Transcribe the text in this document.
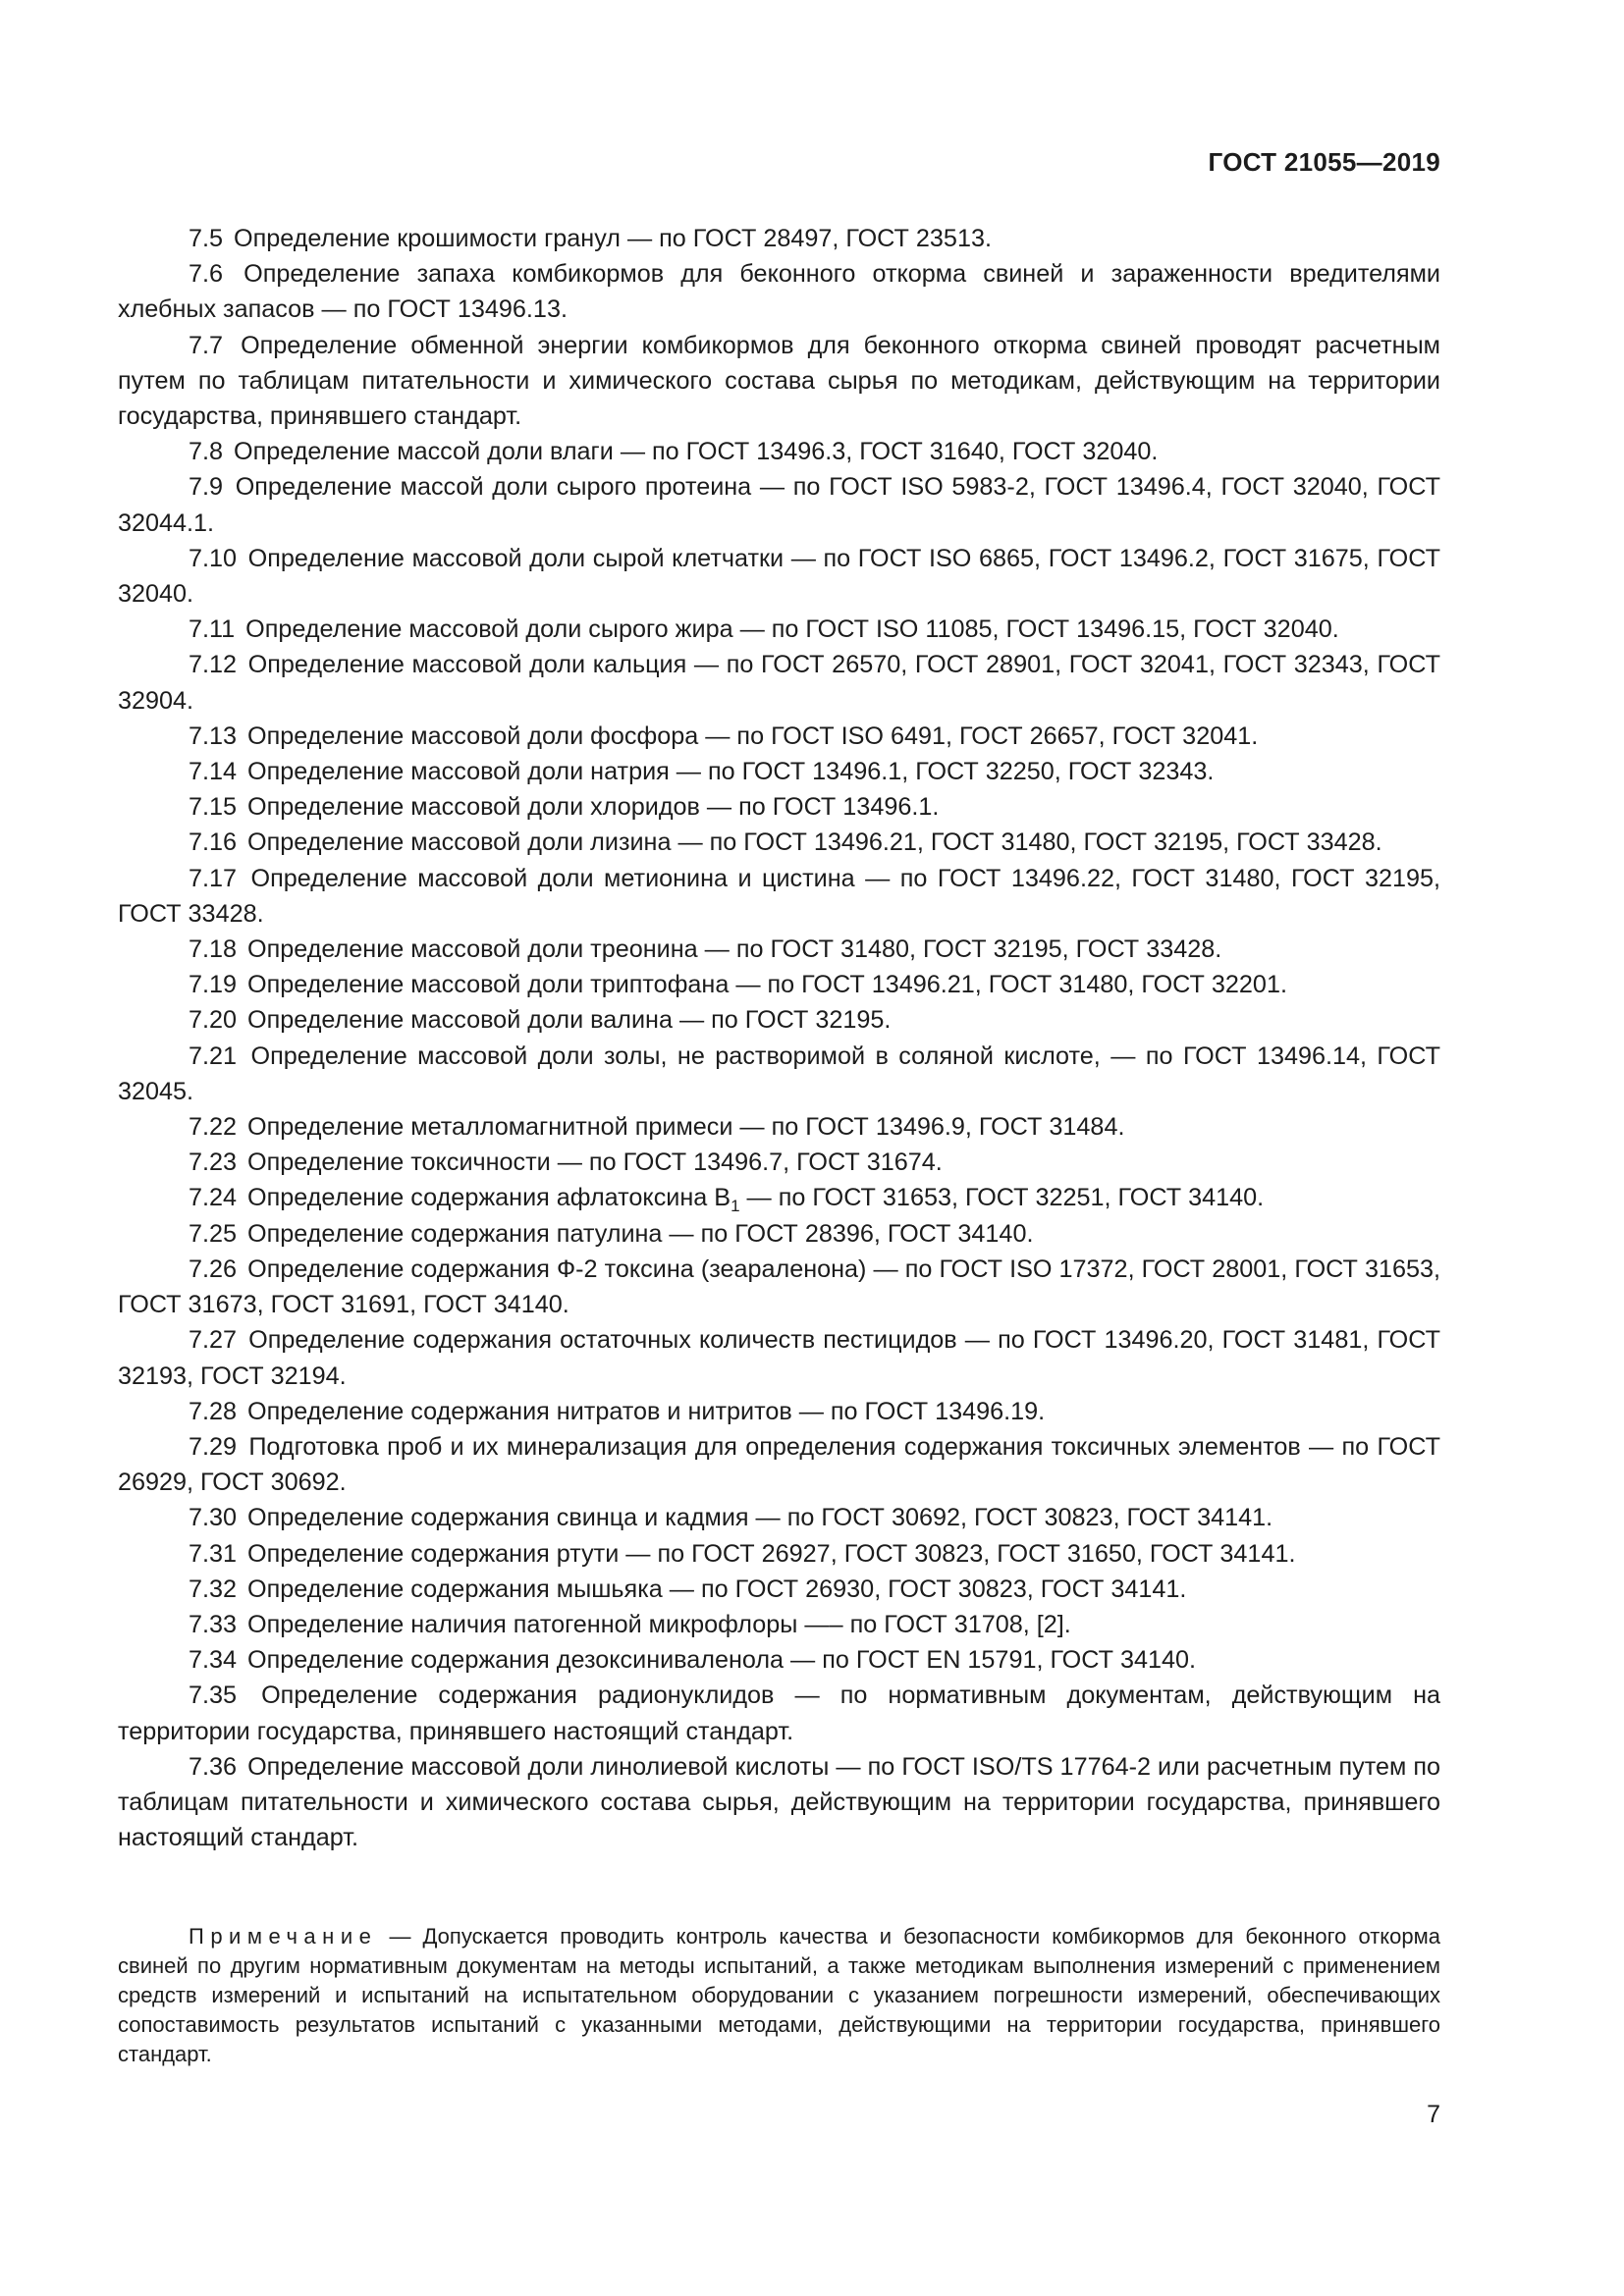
ГОСТ 21055—2019

7.5 Определение крошимости гранул — по ГОСТ 28497, ГОСТ 23513.

7.6 Определение запаха комбикормов для беконного откорма свиней и зараженности вредителями хлебных запасов — по ГОСТ 13496.13.

7.7 Определение обменной энергии комбикормов для беконного откорма свиней проводят расчетным путем по таблицам питательности и химического состава сырья по методикам, действующим на территории государства, принявшего стандарт.

7.8 Определение массой доли влаги — по ГОСТ 13496.3, ГОСТ 31640, ГОСТ 32040.

7.9 Определение массой доли сырого протеина — по ГОСТ ISO 5983-2, ГОСТ 13496.4, ГОСТ 32040, ГОСТ 32044.1.

7.10 Определение массовой доли сырой клетчатки — по ГОСТ ISO 6865, ГОСТ 13496.2, ГОСТ 31675, ГОСТ 32040.

7.11 Определение массовой доли сырого жира — по ГОСТ ISO 11085, ГОСТ 13496.15, ГОСТ 32040.

7.12 Определение массовой доли кальция — по ГОСТ 26570, ГОСТ 28901, ГОСТ 32041, ГОСТ 32343, ГОСТ 32904.

7.13 Определение массовой доли фосфора — по ГОСТ ISO 6491, ГОСТ 26657, ГОСТ 32041.

7.14 Определение массовой доли натрия — по ГОСТ 13496.1, ГОСТ 32250, ГОСТ 32343.

7.15 Определение массовой доли хлоридов — по ГОСТ 13496.1.

7.16 Определение массовой доли лизина — по ГОСТ 13496.21, ГОСТ 31480, ГОСТ 32195, ГОСТ 33428.

7.17 Определение массовой доли метионина и цистина — по ГОСТ 13496.22, ГОСТ 31480, ГОСТ 32195, ГОСТ 33428.

7.18 Определение массовой доли треонина — по ГОСТ 31480, ГОСТ 32195, ГОСТ 33428.

7.19 Определение массовой доли триптофана — по ГОСТ 13496.21, ГОСТ 31480, ГОСТ 32201.

7.20 Определение массовой доли валина — по ГОСТ 32195.

7.21 Определение массовой доли золы, не растворимой в соляной кислоте, — по ГОСТ 13496.14, ГОСТ 32045.

7.22 Определение металломагнитной примеси — по ГОСТ 13496.9, ГОСТ 31484.

7.23 Определение токсичности — по ГОСТ 13496.7, ГОСТ 31674.

7.24 Определение содержания афлатоксина $B_1$ — по ГОСТ 31653, ГОСТ 32251, ГОСТ 34140.

7.25 Определение содержания патулина — по ГОСТ 28396, ГОСТ 34140.

7.26 Определение содержания Ф-2 токсина (зеараленона) — по ГОСТ ISO 17372, ГОСТ 28001, ГОСТ 31653, ГОСТ 31673, ГОСТ 31691, ГОСТ 34140.

7.27 Определение содержания остаточных количеств пестицидов — по ГОСТ 13496.20, ГОСТ 31481, ГОСТ 32193, ГОСТ 32194.

7.28 Определение содержания нитратов и нитритов — по ГОСТ 13496.19.

7.29 Подготовка проб и их минерализация для определения содержания токсичных элементов — по ГОСТ 26929, ГОСТ 30692.

7.30 Определение содержания свинца и кадмия — по ГОСТ 30692, ГОСТ 30823, ГОСТ 34141.

7.31 Определение содержания ртути — по ГОСТ 26927, ГОСТ 30823, ГОСТ 31650, ГОСТ 34141.

7.32 Определение содержания мышьяка — по ГОСТ 26930, ГОСТ 30823, ГОСТ 34141.

7.33 Определение наличия патогенной микрофлоры —– по ГОСТ 31708, [2].

7.34 Определение содержания дезоксиниваленола — по ГОСТ EN 15791, ГОСТ 34140.

7.35 Определение содержания радионуклидов — по нормативным документам, действующим на территории государства, принявшего настоящий стандарт.

7.36 Определение массовой доли линолиевой кислоты — по ГОСТ ISO/TS 17764-2 или расчетным путем по таблицам питательности и химического состава сырья, действующим на территории государства, принявшего настоящий стандарт.

Примечание — Допускается проводить контроль качества и безопасности комбикормов для беконного откорма свиней по другим нормативным документам на методы испытаний, а также методикам выполнения измерений с применением средств измерений и испытаний на испытательном оборудовании с указанием погрешности измерений, обеспечивающих сопоставимость результатов испытаний с указанными методами, действующими на территории государства, принявшего стандарт.

7
